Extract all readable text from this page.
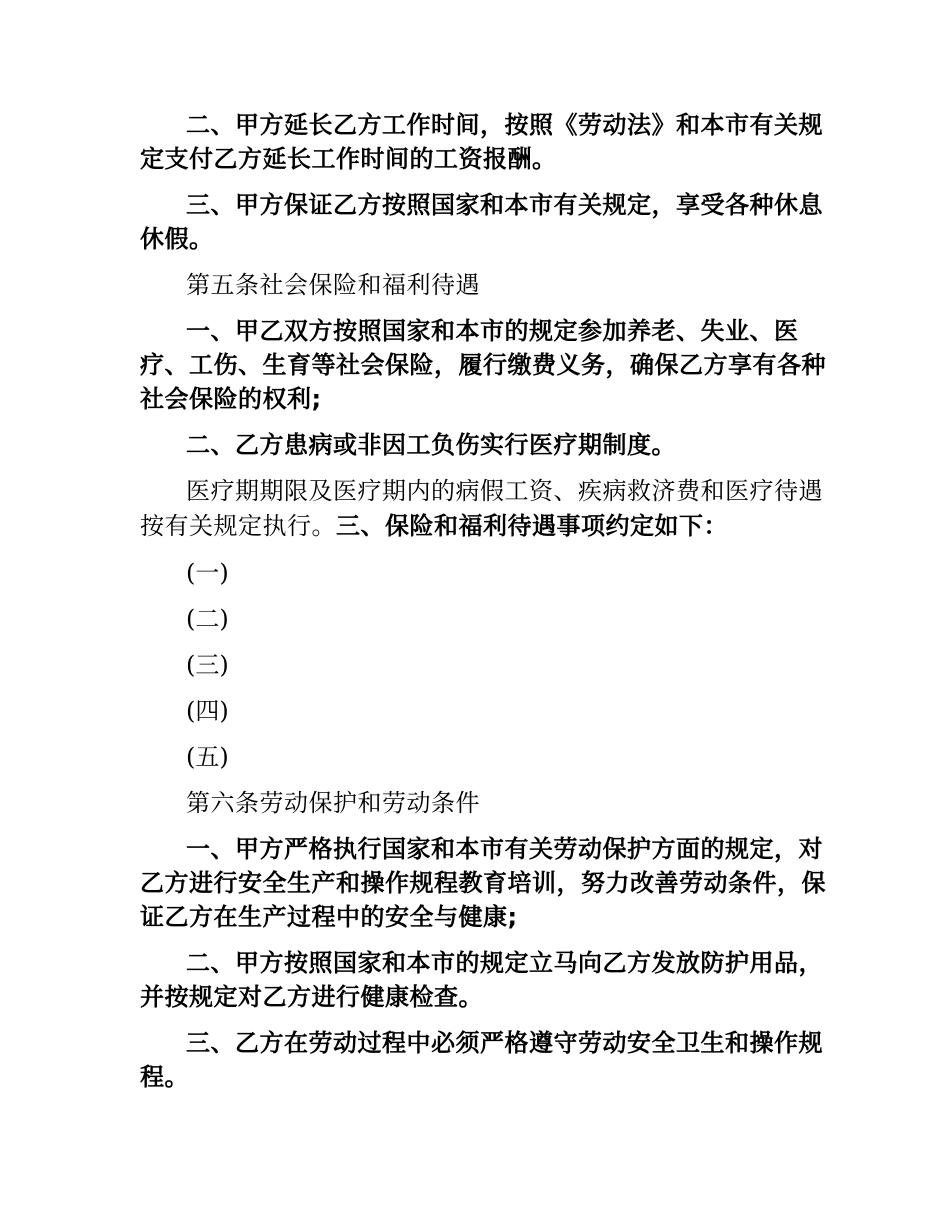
二、甲方延长乙方工作时间，按照《劳动法》和本市有关规定支付乙方延长工作时间的工资报酬。

三、甲方保证乙方按照国家和本市有关规定，享受各种休息休假。

第五条社会保险和福利待遇

一、甲乙双方按照国家和本市的规定参加养老、失业、医疗、工伤、生育等社会保险，履行缴费义务，确保乙方享有各种社会保险的权利;

二、乙方患病或非因工负伤实行医疗期制度。

医疗期期限及医疗期内的病假工资、疾病救济费和医疗待遇按有关规定执行。三、保险和福利待遇事项约定如下：

(一)

(二)

(三)

(四)

(五)

第六条劳动保护和劳动条件

一、甲方严格执行国家和本市有关劳动保护方面的规定，对乙方进行安全生产和操作规程教育培训，努力改善劳动条件，保证乙方在生产过程中的安全与健康;

二、甲方按照国家和本市的规定立马向乙方发放防护用品，并按规定对乙方进行健康检查。

三、乙方在劳动过程中必须严格遵守劳动安全卫生和操作规程。
